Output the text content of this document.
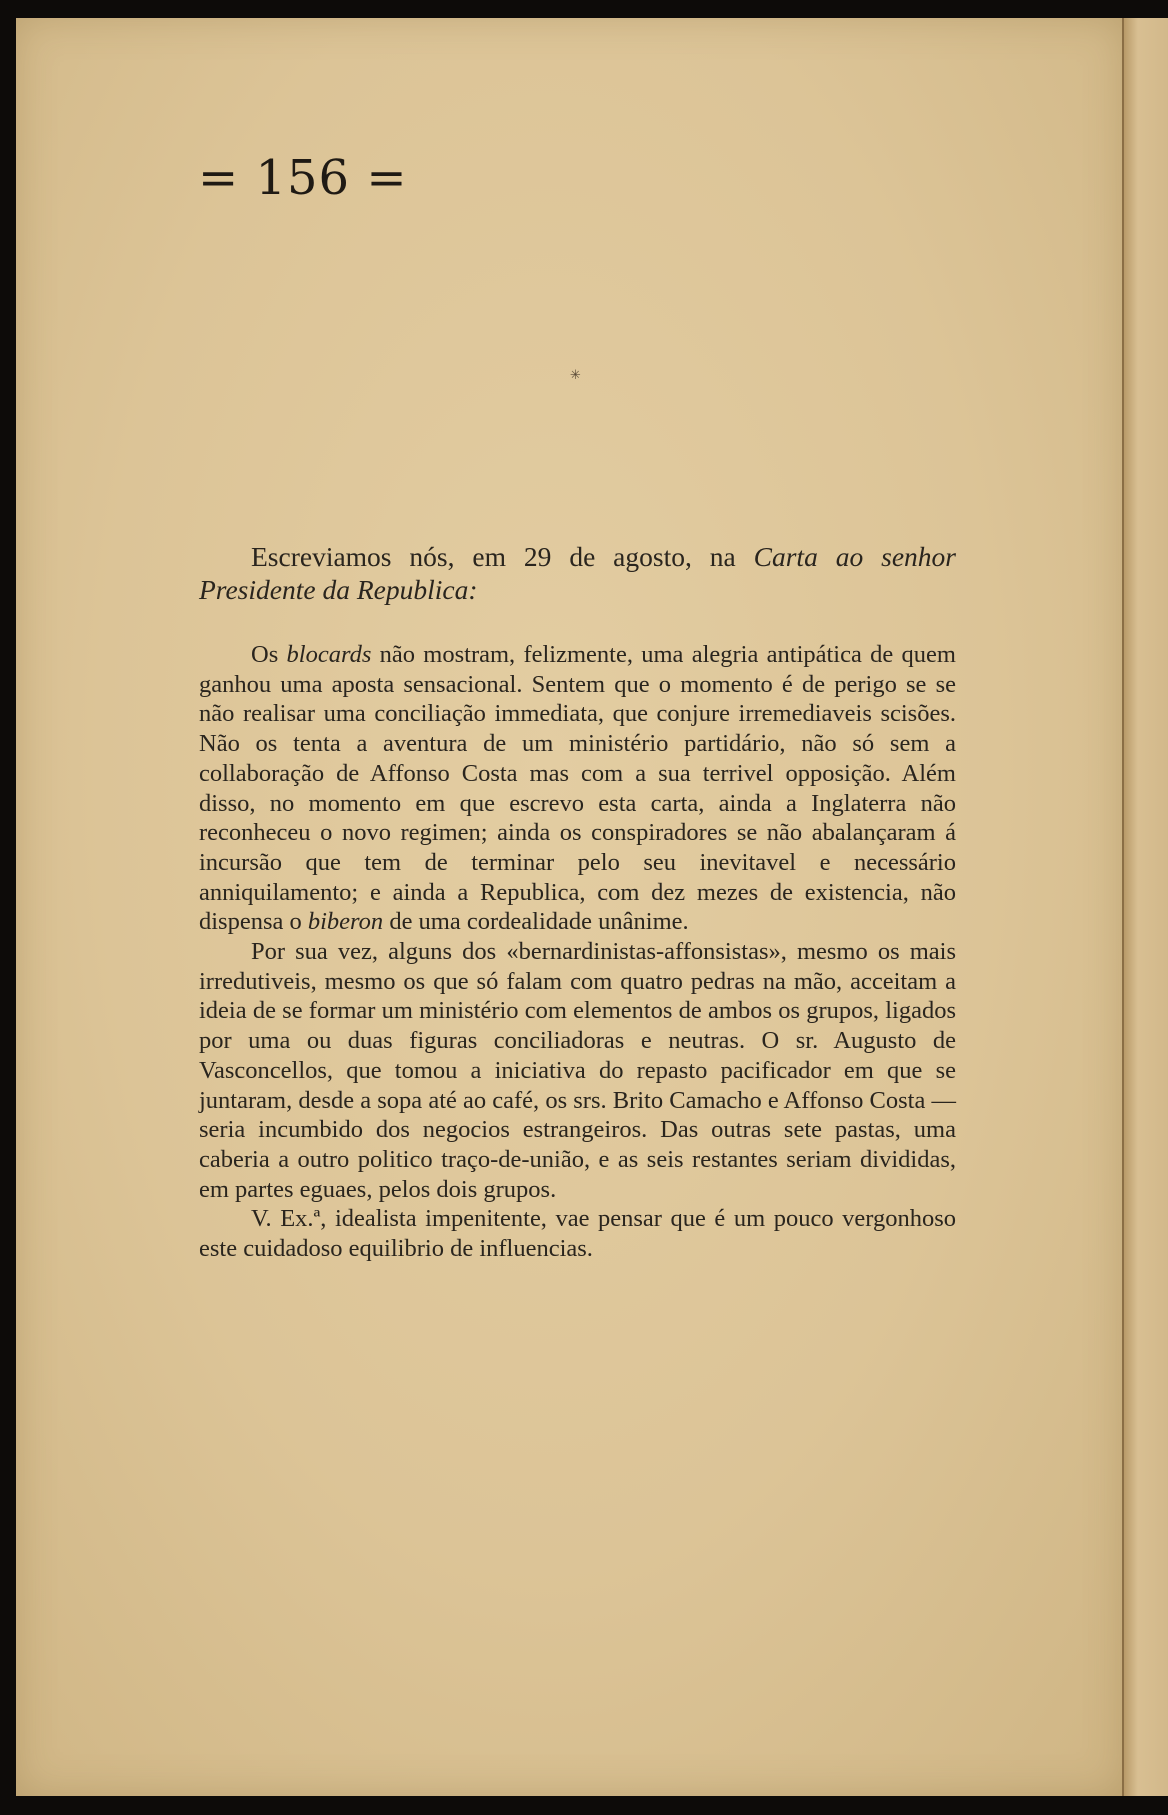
= 156 =
✳

Escreviamos nós, em 29 de agosto, na Carta ao senhor Presidente da Republica:

Os blocards não mostram, felizmente, uma alegria antipática de quem ganhou uma aposta sensacional. Sentem que o momento é de perigo se se não realisar uma conciliação immediata, que conjure irremediaveis scisões. Não os tenta a aventura de um ministério partidário, não só sem a collaboração de Affonso Costa mas com a sua terrivel opposição. Além disso, no momento em que escrevo esta carta, ainda a Inglaterra não reconheceu o novo regimen; ainda os conspiradores se não abalançaram á incursão que tem de terminar pelo seu inevitavel e necessário anniquilamento; e ainda a Republica, com dez mezes de existencia, não dispensa o biberon de uma cordealidade unânime.

Por sua vez, alguns dos «bernardinistas-affonsistas», mesmo os mais irredutiveis, mesmo os que só falam com quatro pedras na mão, acceitam a ideia de se formar um ministério com elementos de ambos os grupos, ligados por uma ou duas figuras conciliadoras e neutras. O sr. Augusto de Vasconcellos, que tomou a iniciativa do repasto pacificador em que se juntaram, desde a sopa até ao café, os srs. Brito Camacho e Affonso Costa — seria incumbido dos negocios estrangeiros. Das outras sete pastas, uma caberia a outro politico traço-de-união, e as seis restantes seriam divididas, em partes eguaes, pelos dois grupos.

V. Ex.ª, idealista impenitente, vae pensar que é um pouco vergonhoso este cuidadoso equilibrio de influencias.
